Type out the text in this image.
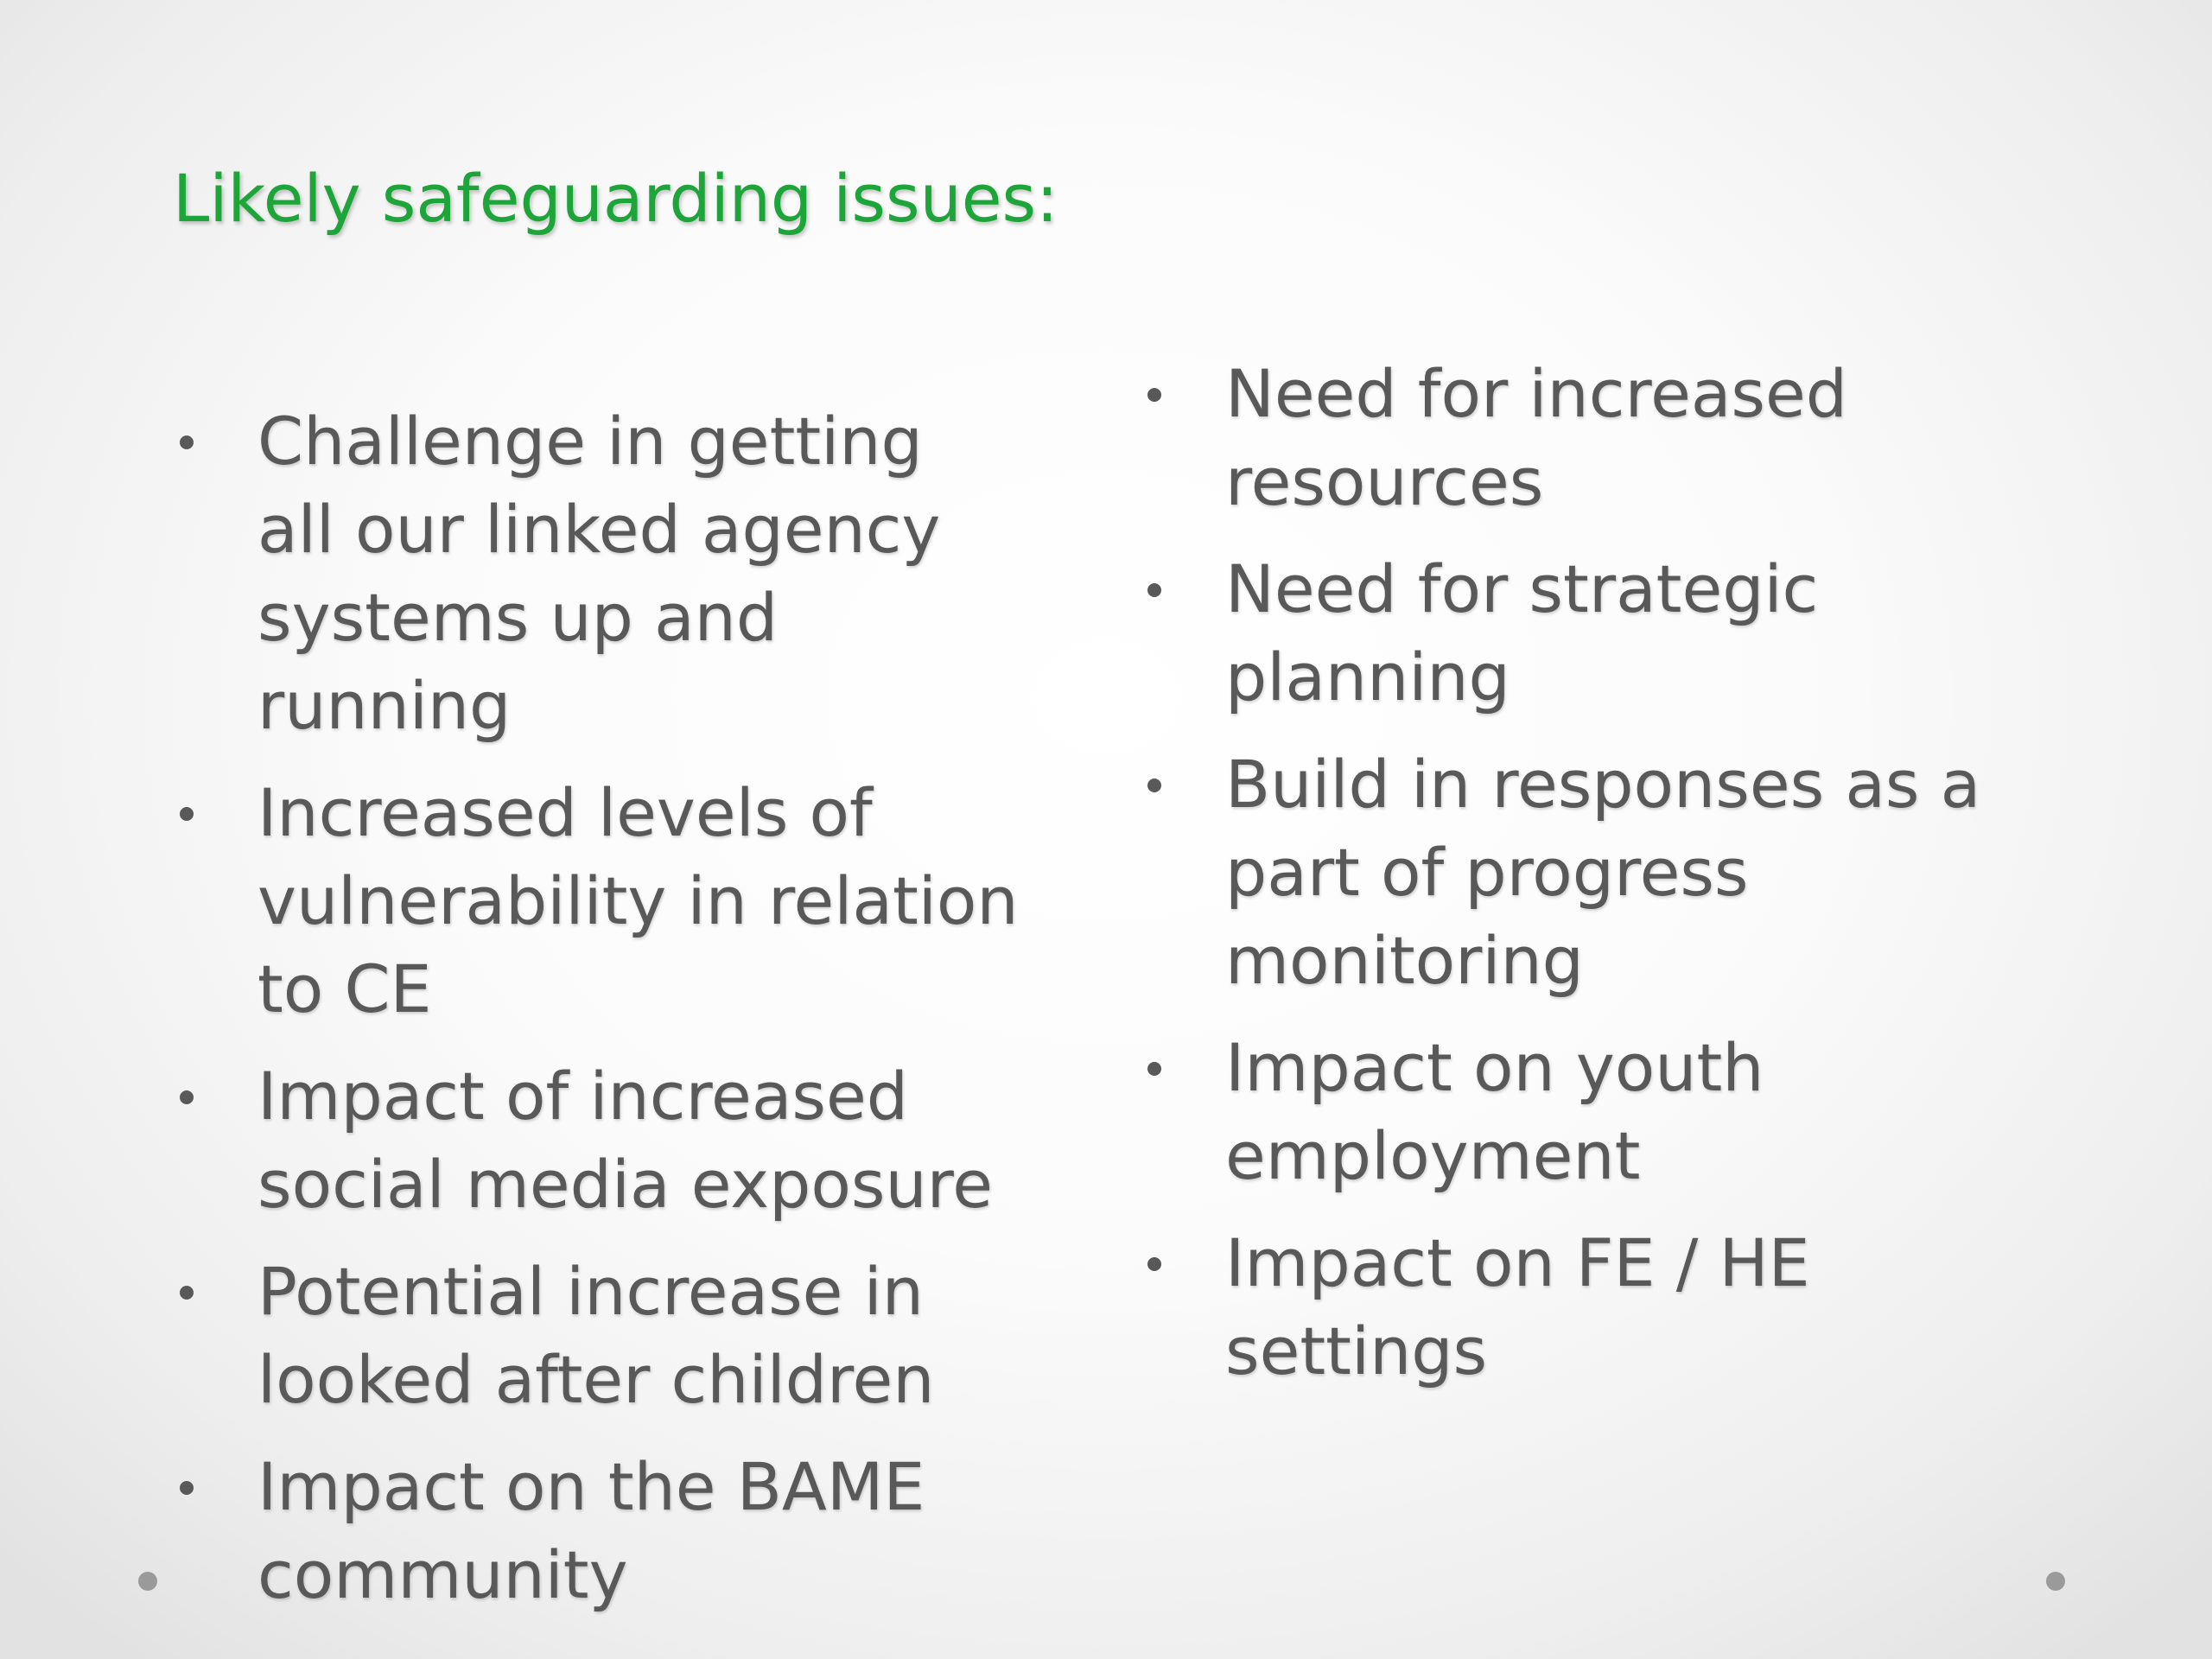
Likely safeguarding issues:
Challenge in getting
all our linked agency
systems up and
running
Increased levels of
vulnerability in relation
to CE
Impact of increased
social media exposure
Potential increase in
looked after children
Impact on the BAME
community
Need for increased
resources
Need for strategic
planning
Build in responses as a
part of progress
monitoring
Impact on youth
employment
Impact on FE / HE
settings
